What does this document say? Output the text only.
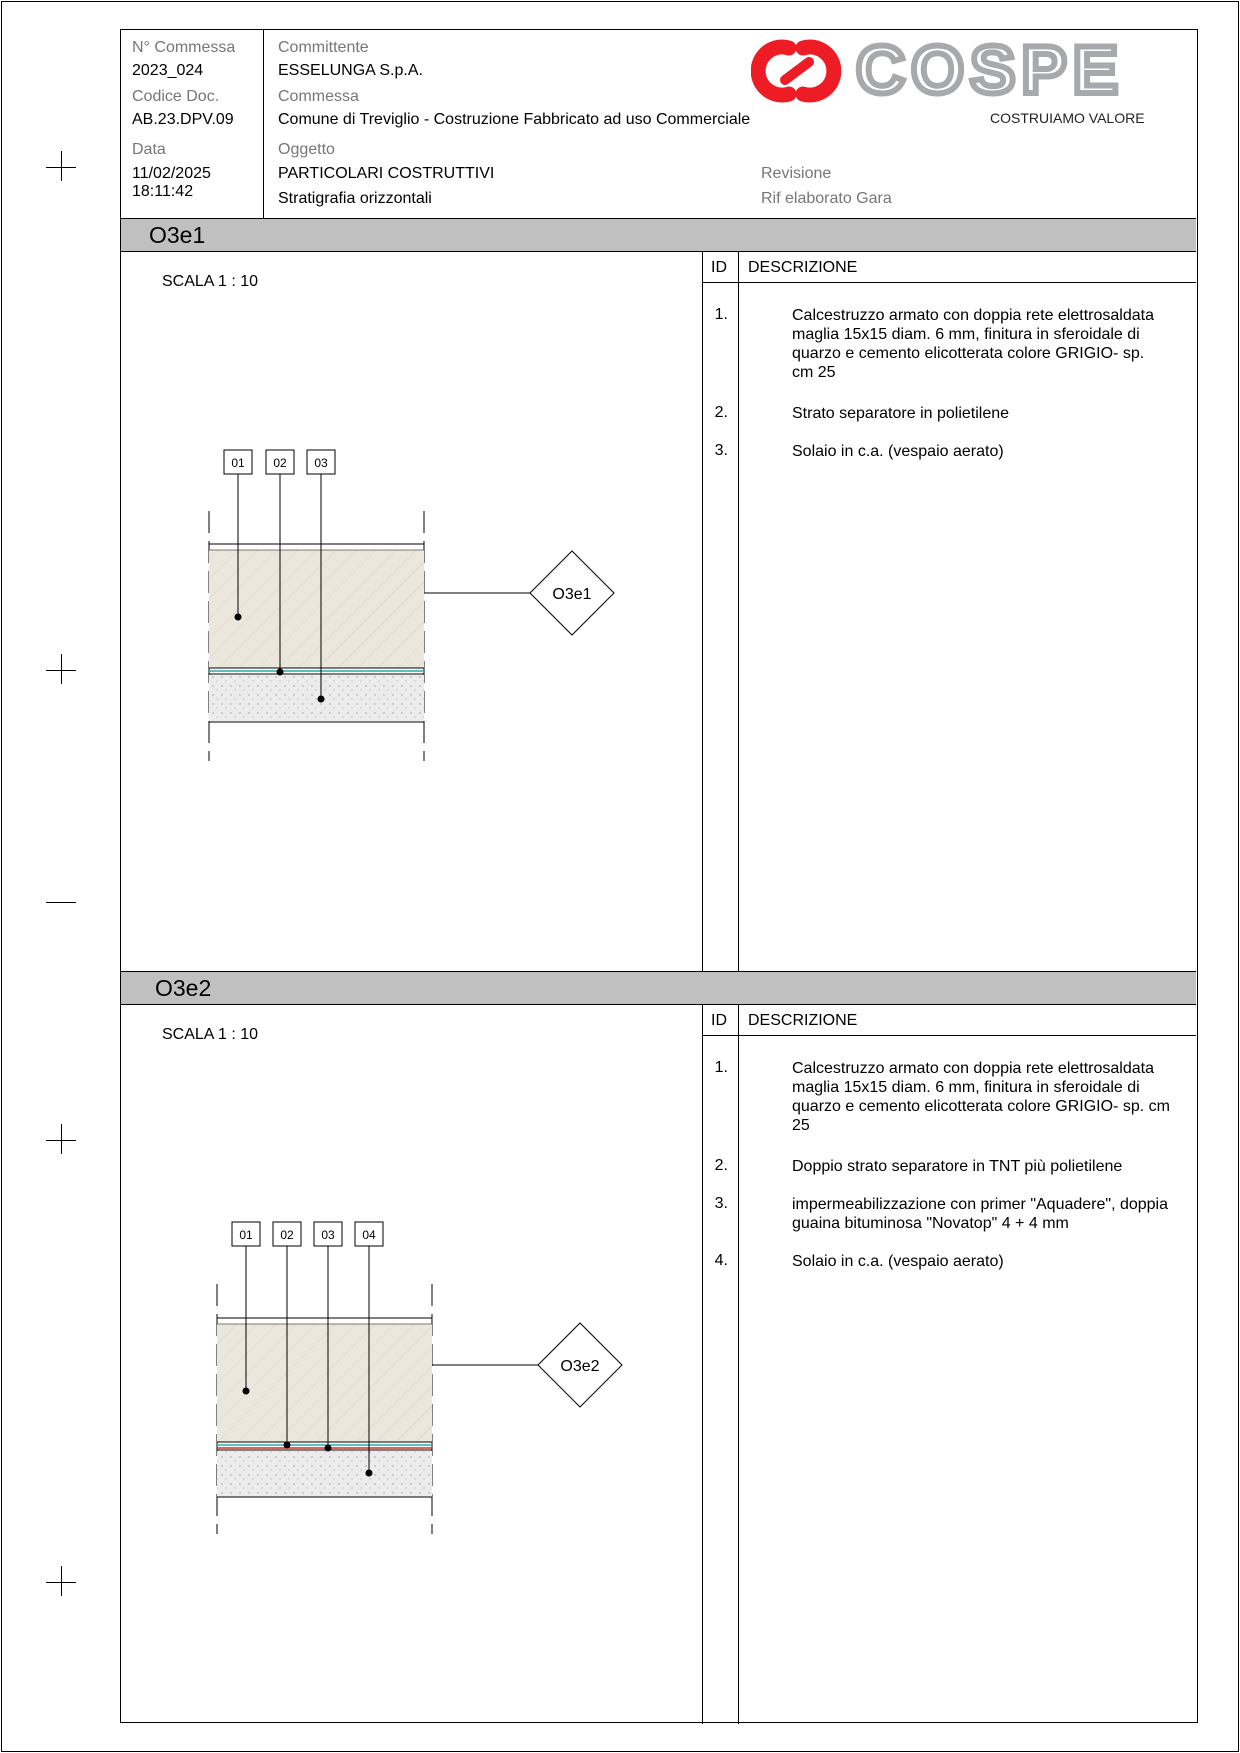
N° Commessa
2023_024
Codice Doc.
AB.23.DPV.09
Data
11/02/2025
18:11:42
Committente
ESSELUNGA S.p.A.
Commessa
Comune di Treviglio - Costruzione Fabbricato ad uso Commerciale
Oggetto
PARTICOLARI COSTRUTTIVI
Stratigrafia orizzontali
Revisione
Rif elaborato Gara
COSPE
COSTRUIAMO VALORE
O3e1
ID DESCRIZIONE
SCALA 1 : 10
1.	Calcestruzzo armato con doppia rete elettrosaldata maglia 15x15 diam. 6 mm, finitura in sferoidale di quarzo e cemento elicotterata colore GRIGIO- sp. cm 25
2.	Strato separatore in polietilene
3.	Solaio in c.a. (vespaio aerato)
O3e1
01 02 03
O3e2
ID DESCRIZIONE
SCALA 1 : 10
1.	Calcestruzzo armato con doppia rete elettrosaldata maglia 15x15 diam. 6 mm, finitura in sferoidale di quarzo e cemento elicotterata colore GRIGIO- sp. cm 25
2.	Doppio strato separatore in TNT più polietilene
3.	impermeabilizzazione con primer "Aquadere", doppia guaina bituminosa "Novatop" 4 + 4 mm
4.	Solaio in c.a. (vespaio aerato)
O3e2
01 02 03 04
